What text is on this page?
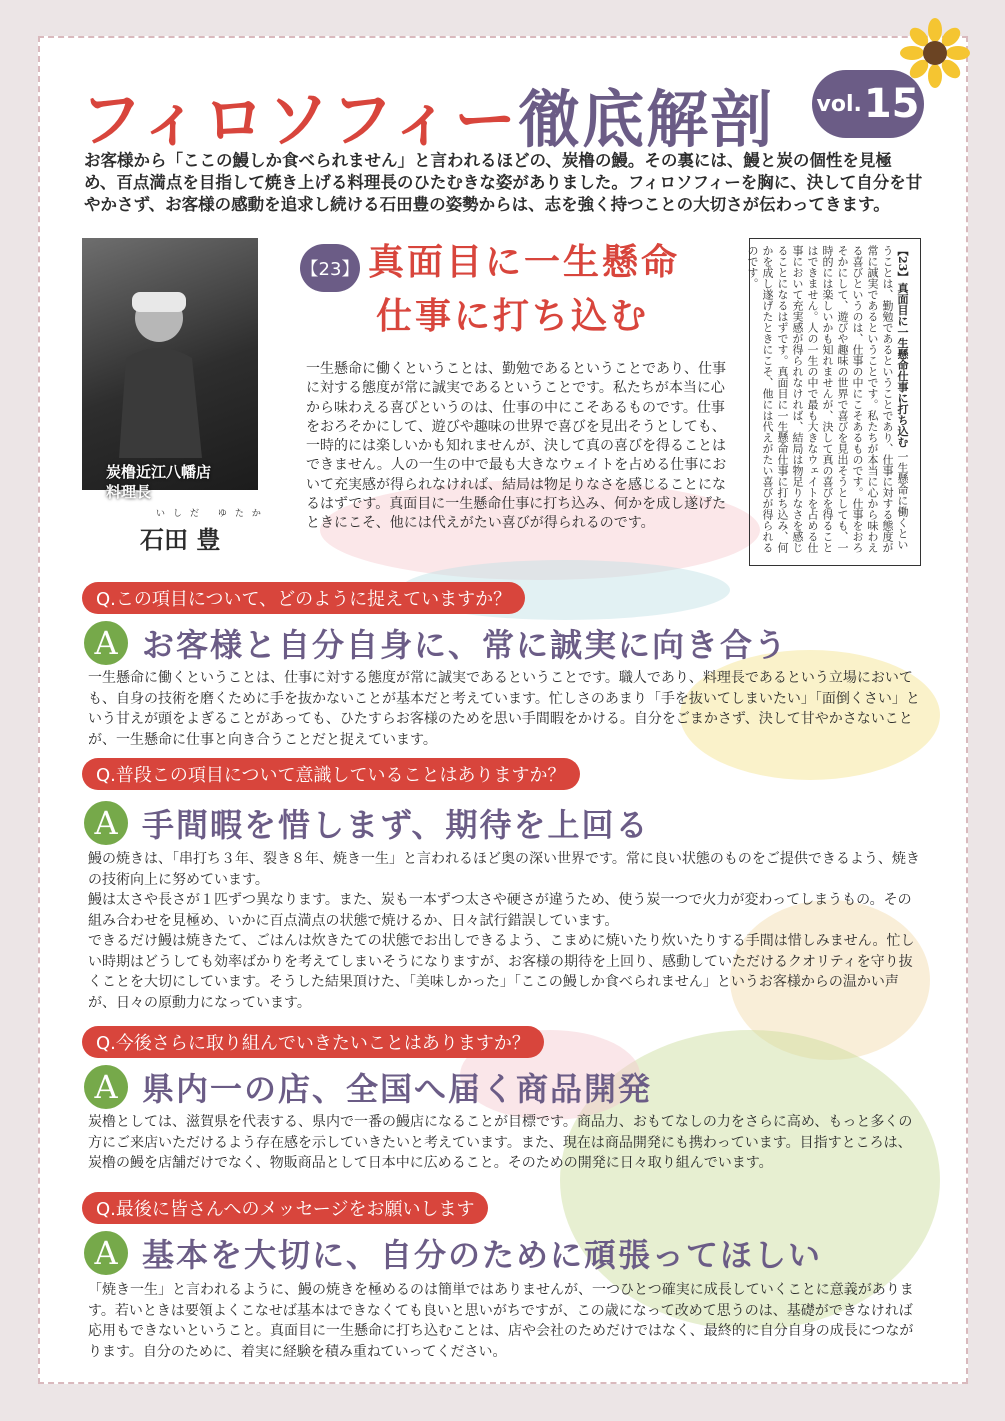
フィロソフィー徹底解剖 vol. 15
お客様から「ここの鰻しか食べられません」と言われるほどの、炭橹の鰻。その裏には、鰻と炭の個性を見極め、百点満点を目指して焼き上げる料理長のひたむきな姿がありました。フィロソフィーを胸に、決して自分を甘やかさず、お客様の感動を追求し続ける石田豊の姿勢からは、志を強く持つことの大切さが伝わってきます。
炭橹近江八幡店
料理長
いしだ ゆたか
石田 豊
【23】 真面目に一生懸命
仕事に打ち込む
一生懸命に働くということは、勤勉であるということであり、仕事に対する態度が常に誠実であるということです。私たちが本当に心から味わえる喜びというのは、仕事の中にこそあるものです。仕事をおろそかにして、遊びや趣味の世界で喜びを見出そうとしても、一時的には楽しいかも知れませんが、決して真の喜びを得ることはできません。人の一生の中で最も大きなウェイトを占める仕事において充実感が得られなければ、結局は物足りなさを感じることになるはずです。真面目に一生懸命仕事に打ち込み、何かを成し遂げたときにこそ、他には代えがたい喜びが得られるのです。
【23】真面目に一生懸命仕事に打ち込む 一生懸命に働くということは、勤勉であるということであり、仕事に対する態度が常に誠実であるということです。私たちが本当に心から味わえる喜びというのは、仕事の中にこそあるものです。仕事をおろそかにして、遊びや趣味の世界で喜びを見出そうとしても、一時的には楽しいかも知れませんが、決して真の喜びを得ることはできません。人の一生の中で最も大きなウェイトを占める仕事において充実感が得られなければ、結局は物足りなさを感じることになるはずです。真面目に一生懸命仕事に打ち込み、何かを成し遂げたときにこそ、他には代えがたい喜びが得られるのです。
Q.この項目について、どのように捉えていますか？
A お客様と自分自身に、常に誠実に向き合う
一生懸命に働くということは、仕事に対する態度が常に誠実であるということです。職人であり、料理長であるという立場においても、自身の技術を磨くために手を抜かないことが基本だと考えています。忙しさのあまり「手を抜いてしまいたい」「面倒くさい」という甘えが頭をよぎることがあっても、ひたすらお客様のためを思い手間暇をかける。自分をごまかさず、決して甘やかさないことが、一生懸命に仕事と向き合うことだと捉えています。
Q.普段この項目について意識していることはありますか？
A 手間暇を惜しまず、期待を上回る
鰻の焼きは、「串打ち３年、裂き８年、焼き一生」と言われるほど奥の深い世界です。常に良い状態のものをご提供できるよう、焼きの技術向上に努めています。
鰻は太さや長さが１匹ずつ異なります。また、炭も一本ずつ太さや硬さが違うため、使う炭一つで火力が変わってしまうもの。その組み合わせを見極め、いかに百点満点の状態で焼けるか、日々試行錯誤しています。
できるだけ鰻は焼きたて、ごはんは炊きたての状態でお出しできるよう、こまめに焼いたり炊いたりする手間は惜しみません。忙しい時期はどうしても効率ばかりを考えてしまいそうになりますが、お客様の期待を上回り、感動していただけるクオリティを守り抜くことを大切にしています。そうした結果頂けた、「美味しかった」「ここの鰻しか食べられません」というお客様からの温かい声が、日々の原動力になっています。
Q.今後さらに取り組んでいきたいことはありますか？
A 県内一の店、全国へ届く商品開発
炭橹としては、滋賀県を代表する、県内で一番の鰻店になることが目標です。商品力、おもてなしの力をさらに高め、もっと多くの方にご来店いただけるよう存在感を示していきたいと考えています。また、現在は商品開発にも携わっています。目指すところは、炭橹の鰻を店舗だけでなく、物販商品として日本中に広めること。そのための開発に日々取り組んでいます。
Q.最後に皆さんへのメッセージをお願いします
A 基本を大切に、自分のために頑張ってほしい
「焼き一生」と言われるように、鰻の焼きを極めるのは簡単ではありませんが、一つひとつ確実に成長していくことに意義があります。若いときは要領よくこなせば基本はできなくても良いと思いがちですが、この歳になって改めて思うのは、基礎ができなければ応用もできないということ。真面目に一生懸命に打ち込むことは、店や会社のためだけではなく、最終的に自分自身の成長につながります。自分のために、着実に経験を積み重ねていってください。
